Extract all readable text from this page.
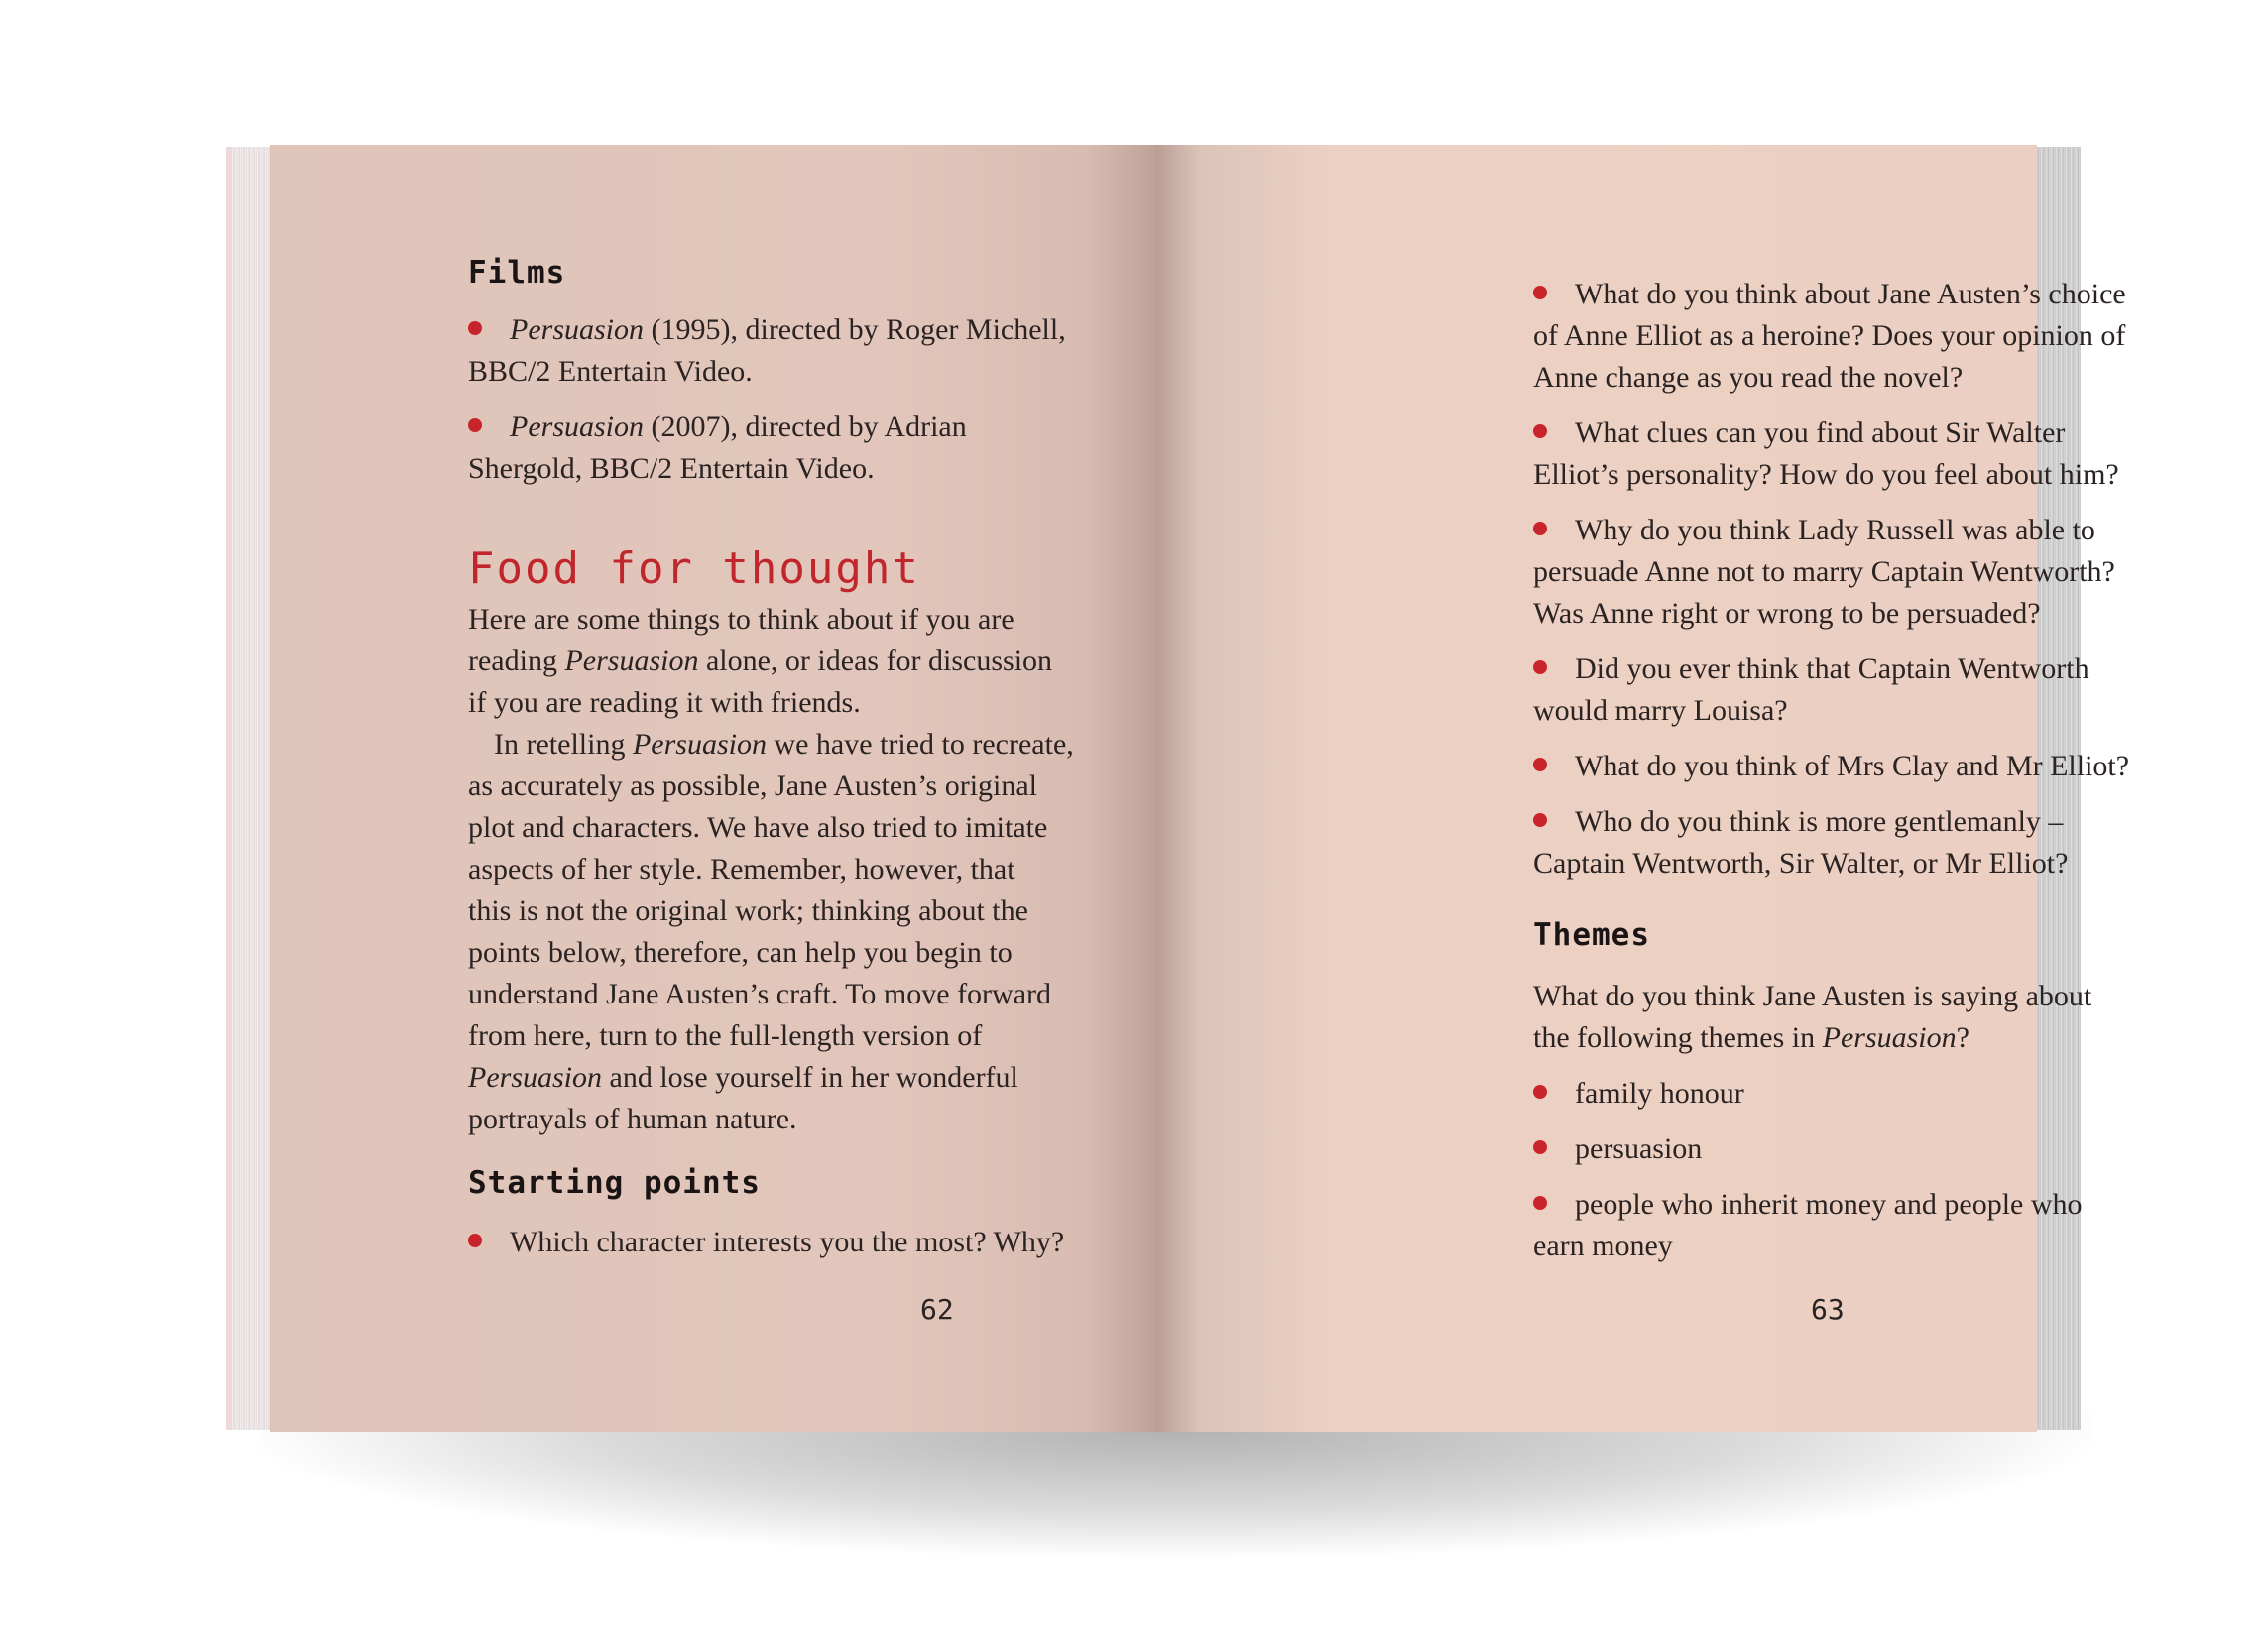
Films

Persuasion (1995), directed by Roger Michell,
BBC/2 Entertain Video.

Persuasion (2007), directed by Adrian
Shergold, BBC/2 Entertain Video.

Food for thought

Here are some things to think about if you are
reading Persuasion alone, or ideas for discussion
if you are reading it with friends.

In retelling Persuasion we have tried to recreate,
as accurately as possible, Jane Austen’s original
plot and characters. We have also tried to imitate
aspects of her style. Remember, however, that
this is not the original work; thinking about the
points below, therefore, can help you begin to
understand Jane Austen’s craft. To move forward
from here, turn to the full-length version of
Persuasion and lose yourself in her wonderful
portrayals of human nature.

Starting points

Which character interests you the most? Why?

62

What do you think about Jane Austen’s choice
of Anne Elliot as a heroine? Does your opinion of
Anne change as you read the novel?

What clues can you find about Sir Walter
Elliot’s personality? How do you feel about him?

Why do you think Lady Russell was able to
persuade Anne not to marry Captain Wentworth?
Was Anne right or wrong to be persuaded?

Did you ever think that Captain Wentworth
would marry Louisa?

What do you think of Mrs Clay and Mr Elliot?

Who do you think is more gentlemanly –
Captain Wentworth, Sir Walter, or Mr Elliot?

Themes

What do you think Jane Austen is saying about
the following themes in Persuasion?

family honour

persuasion

people who inherit money and people who
earn money

63
